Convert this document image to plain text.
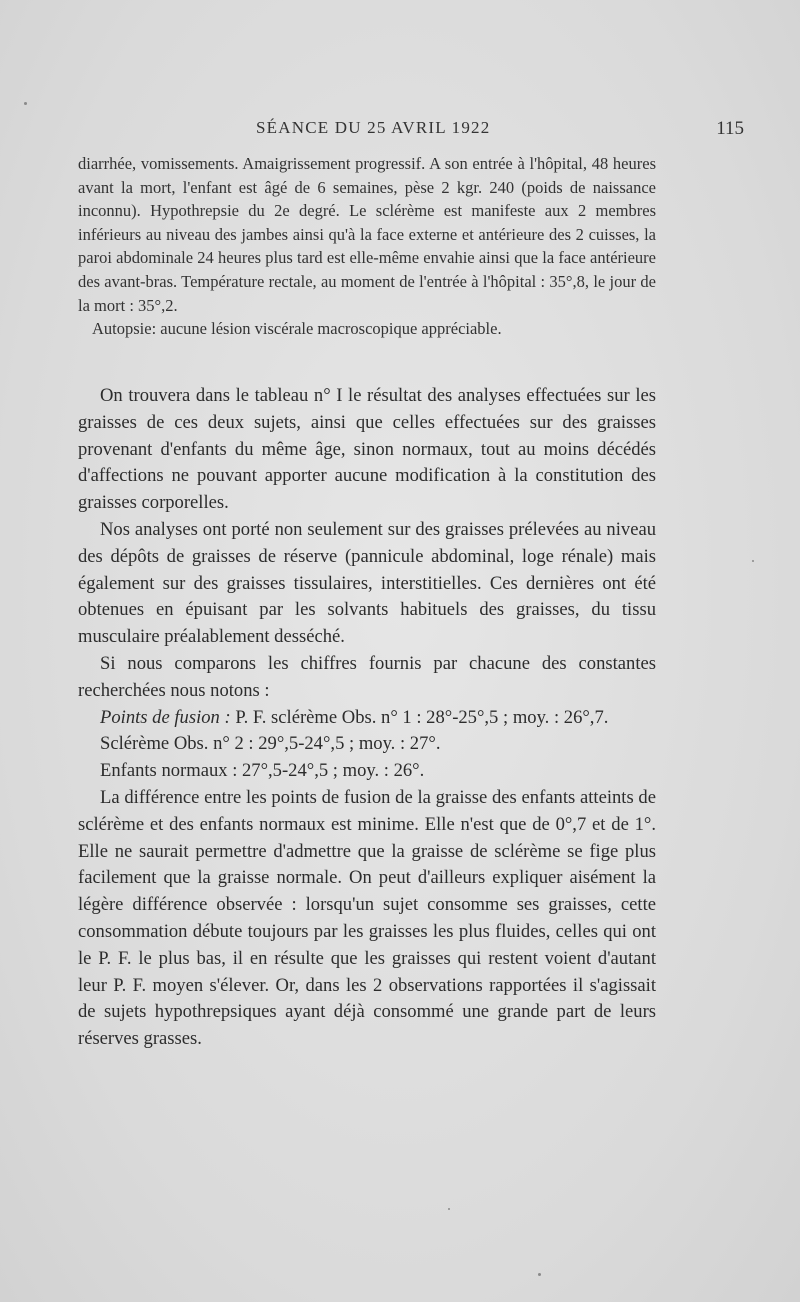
SÉANCE DU 25 AVRIL 1922	115

diarrhée, vomissements. Amaigrissement progressif. A son entrée à l'hôpital, 48 heures avant la mort, l'enfant est âgé de 6 semaines, pèse 2 kgr. 240 (poids de naissance inconnu). Hypothrepsie du 2e degré. Le sclérème est manifeste aux 2 membres inférieurs au niveau des jambes ainsi qu'à la face externe et antérieure des 2 cuisses, la paroi abdominale 24 heures plus tard est elle-même envahie ainsi que la face antérieure des avant-bras. Température rectale, au moment de l'entrée à l'hôpital : 35°,8, le jour de la mort : 35°,2.

Autopsie: aucune lésion viscérale macroscopique appréciable.

On trouvera dans le tableau n° I le résultat des analyses effectuées sur les graisses de ces deux sujets, ainsi que celles effectuées sur des graisses provenant d'enfants du même âge, sinon normaux, tout au moins décédés d'affections ne pouvant apporter aucune modification à la constitution des graisses corporelles.

Nos analyses ont porté non seulement sur des graisses prélevées au niveau des dépôts de graisses de réserve (pannicule abdominal, loge rénale) mais également sur des graisses tissulaires, interstitielles. Ces dernières ont été obtenues en épuisant par les solvants habituels des graisses, du tissu musculaire préalablement desséché.

Si nous comparons les chiffres fournis par chacune des constantes recherchées nous notons :

Points de fusion : P. F. sclérème Obs. n° 1 : 28°-25°,5 ; moy. : 26°,7.

Sclérème Obs. n° 2 : 29°,5-24°,5 ; moy. : 27°.

Enfants normaux : 27°,5-24°,5 ; moy. : 26°.

La différence entre les points de fusion de la graisse des enfants atteints de sclérème et des enfants normaux est minime. Elle n'est que de 0°,7 et de 1°. Elle ne saurait permettre d'admettre que la graisse de sclérème se fige plus facilement que la graisse normale. On peut d'ailleurs expliquer aisément la légère différence observée : lorsqu'un sujet consomme ses graisses, cette consommation débute toujours par les graisses les plus fluides, celles qui ont le P. F. le plus bas, il en résulte que les graisses qui restent voient d'autant leur P. F. moyen s'élever. Or, dans les 2 observations rapportées il s'agissait de sujets hypothrepsiques ayant déjà consommé une grande part de leurs réserves grasses.
